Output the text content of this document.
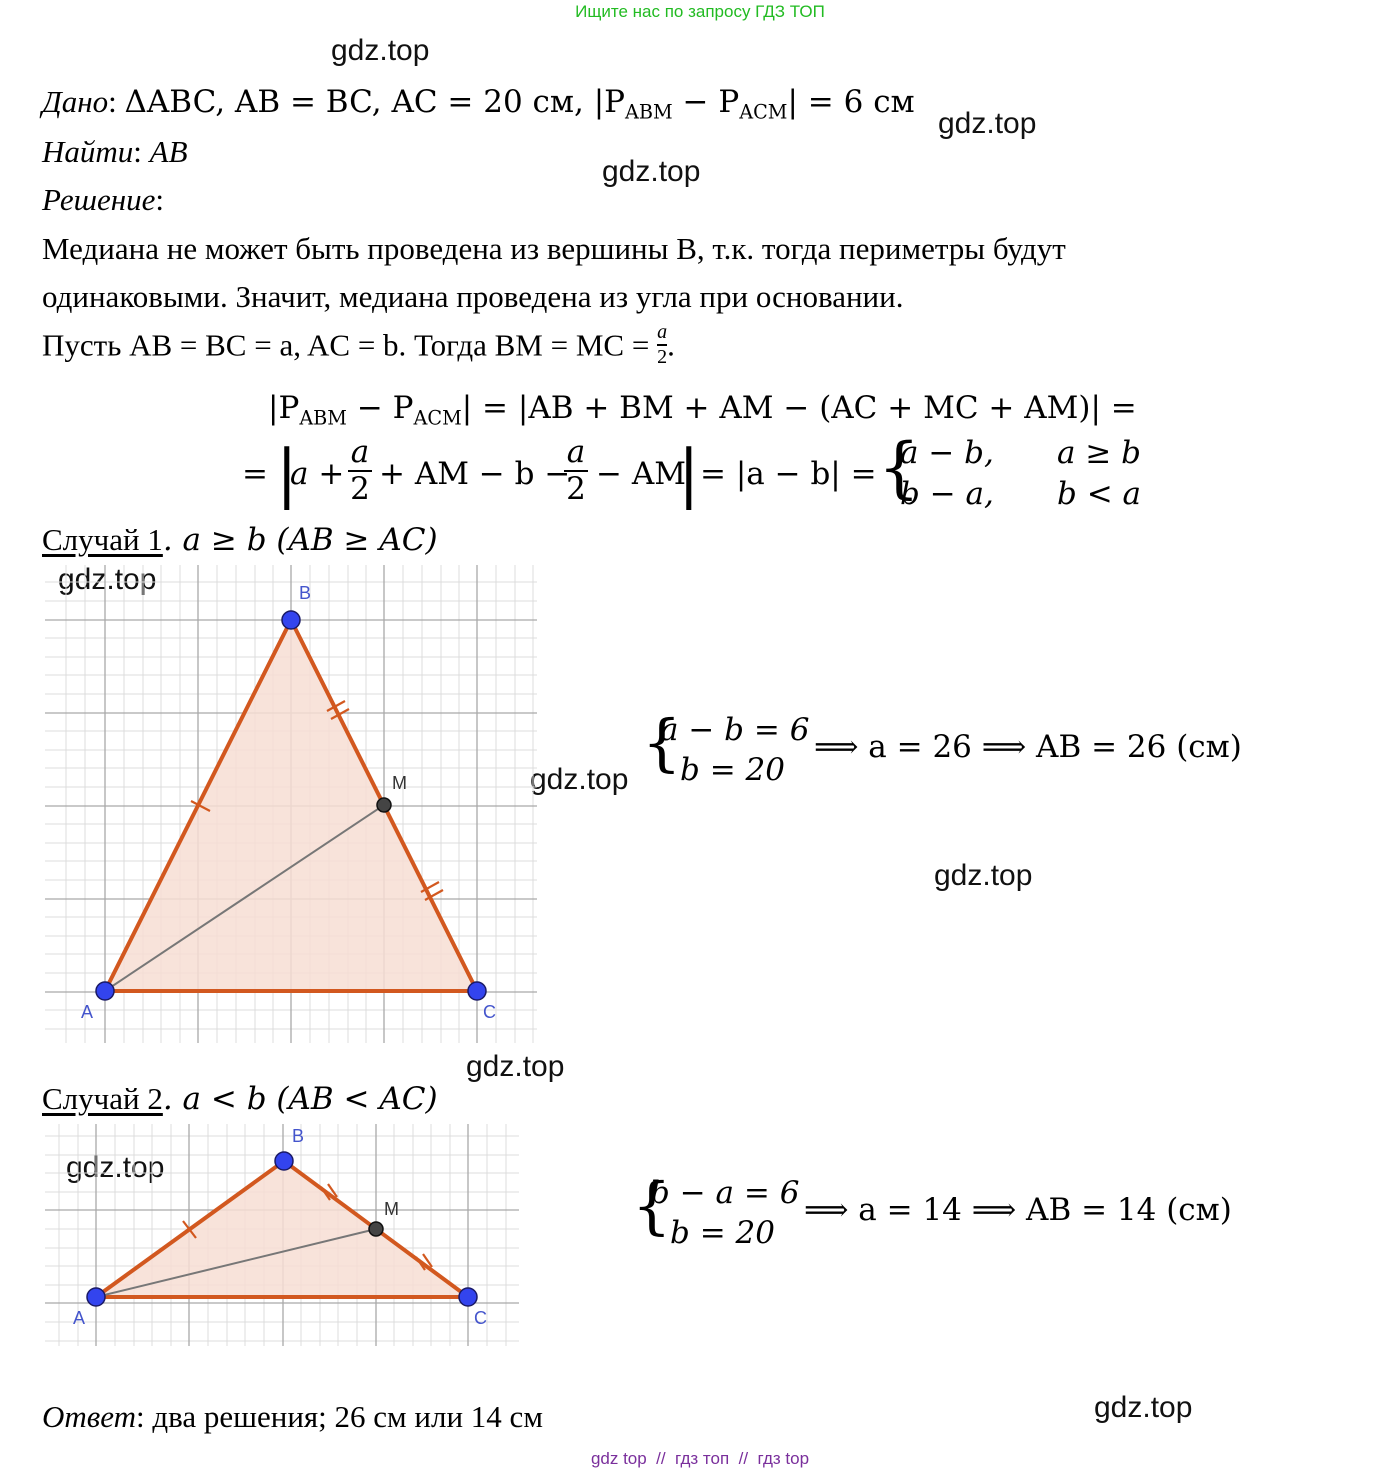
Ищите нас по запросу ГДЗ ТОП
gdz.top
gdz.top
gdz.top
gdz.top
gdz.top
gdz.top
gdz.top
gdz.top
gdz.top
Дано: ΔABC, AB = BC, AC = 20 см, $|P_{ABM} - P_{ACM}| = 6$ см
Найти: AB
Решение:
Медиана не может быть проведена из вершины B, т.к. тогда периметры будут
одинаковыми. Значит, медиана проведена из угла при основании.
Пусть AB = BC = a, AC = b. Тогда BM = MC = $\frac{a}{2}$ .
$|P_{ABM} - P_{ACM}| = |AB$ + BM + AM − (AC + MC + AM)| =
= |
a +
a
2 + AM − b −
a
2 − AM
| = |a − b| = {
a − b, a ≥ b
b − a, b < a
Случай 1. a ≥ b (AB ≥ AC)
A
B
C
M
{
a − b = 6
b = 20
⟹ a = 26 ⟹ AB = 26 (см)
Случай 2. a < b (AB < AC)
A
B
C
M	{
b − a = 6
b = 20
⟹ a = 14 ⟹ AB = 14 (см)
Ответ: два решения; 26 см или 14 см
gdz top  //  гдз топ  //  гдз top
